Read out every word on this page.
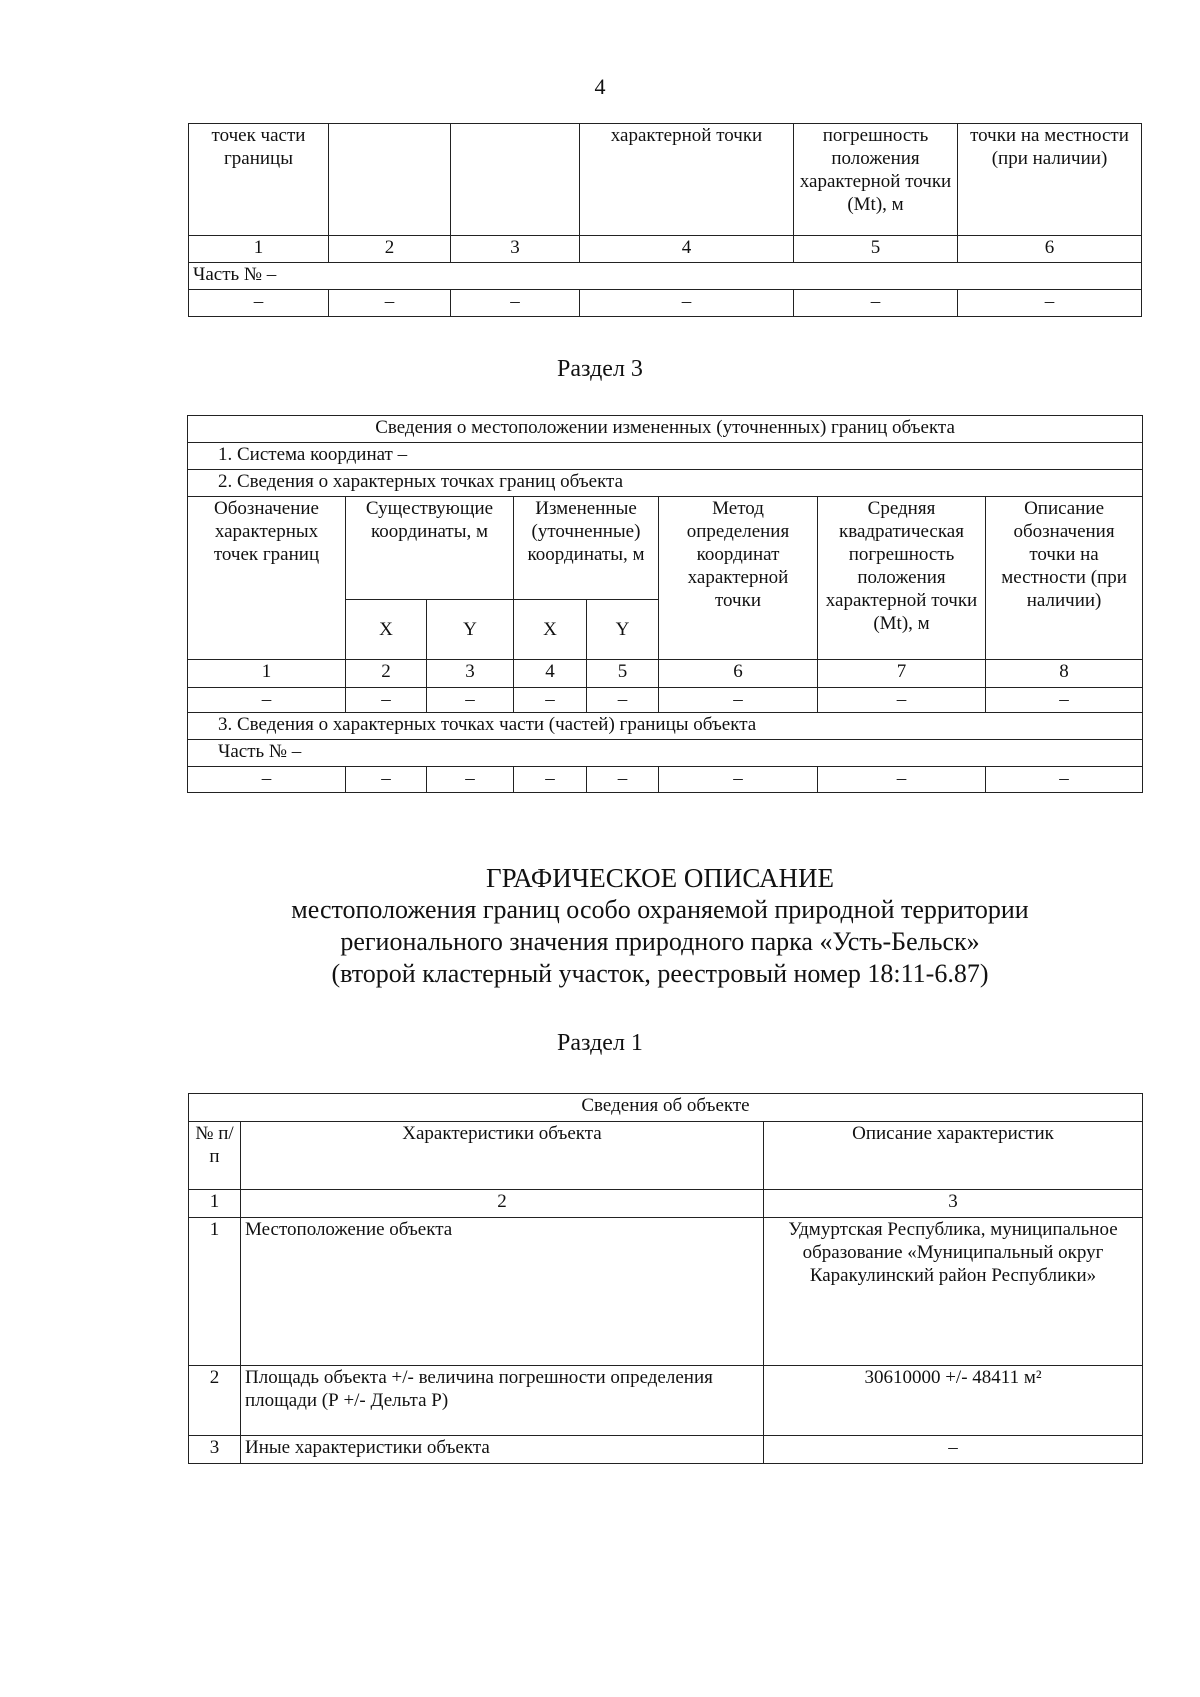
4
точек части границы			характерной точки	погрешность положения характерной точки (Mt), м	точки на местности (при наличии)
1	2	3	4	5	6
Часть № –					
–	–	–	–	–	–
Раздел 3
Сведения о местоположении измененных (уточненных) границ объекта							
1. Система координат –							
2. Сведения о характерных точках границ объекта							
Обозначение характерных точек границ	Существующие координаты, м		Измененные (уточненные) координаты, м		Метод определения координат характерной точки	Средняя квадратическая погрешность положения характерной точки (Mt), м	Описание обозначения точки на местности (при наличии)
	X	Y	X	Y			
1	2	3	4	5	6	7	8
–	–	–	–	–	–	–	–
3. Сведения о характерных точках части (частей) границы объекта							
Часть № –							
–	–	–	–	–	–	–	–
ГРАФИЧЕСКОЕ ОПИСАНИЕ
местоположения границ особо охраняемой природной территории
регионального значения природного парка «Усть-Бельск»
(второй кластерный участок, реестровый номер 18:11-6.87)
Раздел 1
Сведения об объекте		
№ п/п	Характеристики объекта	Описание характеристик
1	2	3
1	Местоположение объекта	Удмуртская Республика, муниципальное образование «Муниципальный округ Каракулинский район Республики»
2	Площадь объекта +/- величина погрешности определения площади (Р +/- Дельта Р)	30610000 +/- 48411 м²
3	Иные характеристики объекта	–
